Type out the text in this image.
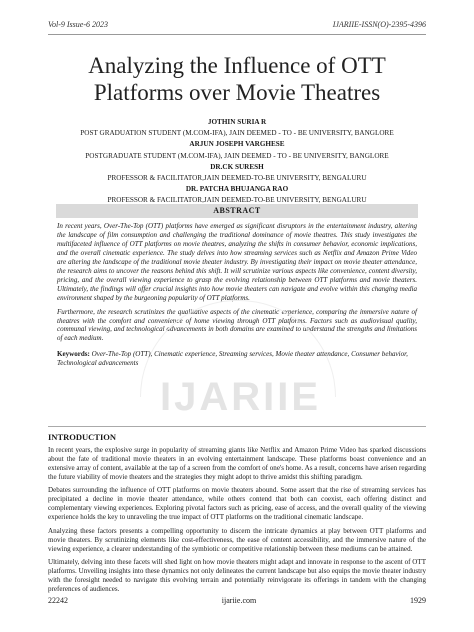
Vol-9 Issue-6 2023	IJARIIE-ISSN(O)-2395-4396
Analyzing the Influence of OTT
Platforms over Movie Theatres
JOTHIN SURIA R
POST GRADUATION STUDENT (M.COM-IFA), JAIN DEEMED - TO - BE UNIVERSITY, BANGLORE
ARJUN JOSEPH VARGHESE
POSTGRADUATE STUDENT (M.COM-IFA), JAIN DEEMED - TO - BE UNIVERSITY, BANGLORE
DR.CK SURESH
PROFESSOR & FACILITATOR,JAIN DEEMED-TO-BE UNIVERSITY, BENGALURU
DR. PATCHA BHUJANGA RAO
PROFESSOR & FACILITATOR,JAIN DEEMED-TO-BE UNIVERSITY, BENGALURU
ABSTRACT

In recent years, Over-The-Top (OTT) platforms have emerged as significant disruptors in the entertainment industry, altering the landscape of film consumption and challenging the traditional dominance of movie theatres. This study investigates the multifaceted influence of OTT platforms on movie theatres, analyzing the shifts in consumer behavior, economic implications, and the overall cinematic experience. The study delves into how streaming services such as Netflix and Amazon Prime Video are altering the landscape of the traditional movie theater industry. By investigating their impact on movie theater attendance, the research aims to uncover the reasons behind this shift. It will scrutinize various aspects like convenience, content diversity, pricing, and the overall viewing experience to grasp the evolving relationship between OTT platforms and movie theaters. Ultimately, the findings will offer crucial insights into how movie theaters can navigate and evolve within this changing media environment shaped by the burgeoning popularity of OTT platforms.

Furthermore, the research scrutinizes the qualitative aspects of the cinematic experience, comparing the immersive nature of theatres with the comfort and convenience of home viewing through OTT platforms. Factors such as audiovisual quality, communal viewing, and technological advancements in both domains are examined to understand the strengths and limitations of each medium.

Keywords: Over-The-Top (OTT), Cinematic experience, Streaming services, Movie theater attendance, Consumer behavior, Technological advancements
IJARIIE
INTRODUCTION

In recent years, the explosive surge in popularity of streaming giants like Netflix and Amazon Prime Video has sparked discussions about the fate of traditional movie theaters in an evolving entertainment landscape. These platforms boast convenience and an extensive array of content, available at the tap of a screen from the comfort of one's home. As a result, concerns have arisen regarding the future viability of movie theaters and the strategies they might adopt to thrive amidst this shifting paradigm.

Debates surrounding the influence of OTT platforms on movie theaters abound. Some assert that the rise of streaming services has precipitated a decline in movie theater attendance, while others contend that both can coexist, each offering distinct and complementary viewing experiences. Exploring pivotal factors such as pricing, ease of access, and the overall quality of the viewing experience holds the key to unraveling the true impact of OTT platforms on the traditional cinematic landscape.

Analyzing these factors presents a compelling opportunity to discern the intricate dynamics at play between OTT platforms and movie theaters. By scrutinizing elements like cost-effectiveness, the ease of content accessibility, and the immersive nature of the viewing experience, a clearer understanding of the symbiotic or competitive relationship between these mediums can be attained.

Ultimately, delving into these facets will shed light on how movie theaters might adapt and innovate in response to the ascent of OTT platforms. Unveiling insights into these dynamics not only delineates the current landscape but also equips the movie theater industry with the foresight needed to navigate this evolving terrain and potentially reinvigorate its offerings in tandem with the changing preferences of audiences.

22242	ijariie.com	1929
